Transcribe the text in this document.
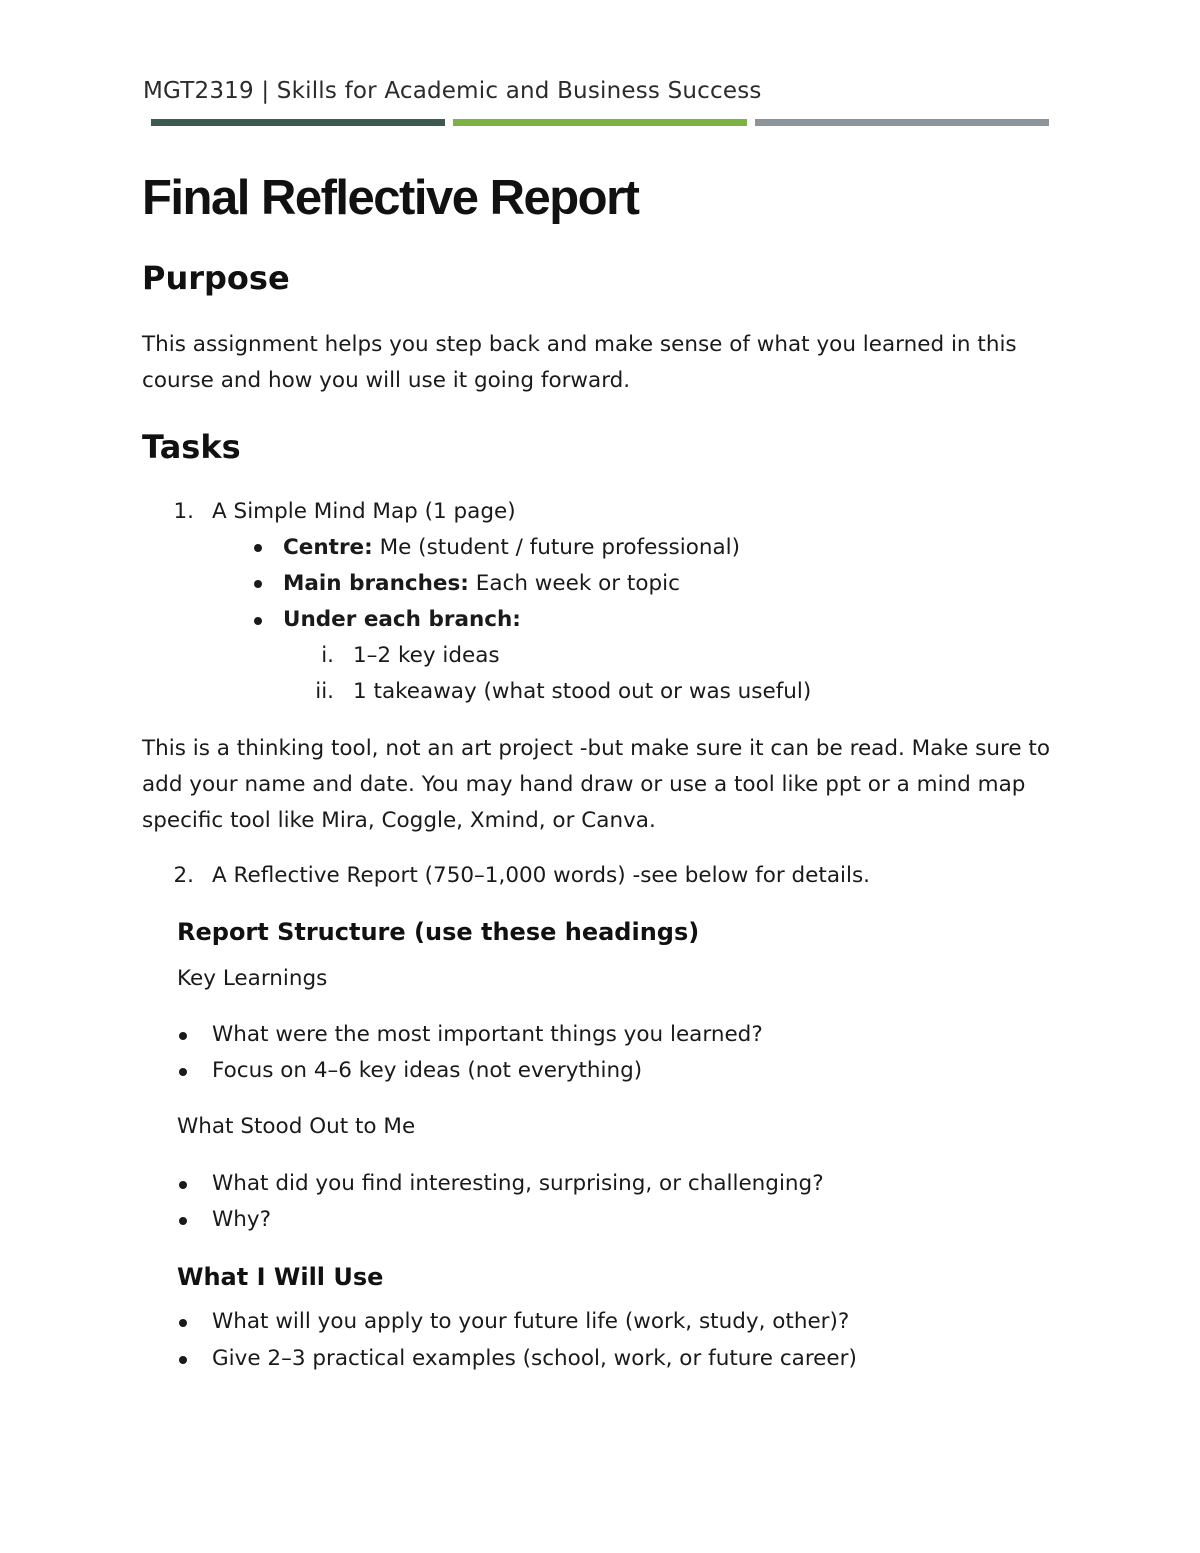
MGT2319 | Skills for Academic and Business Success
Final Reflective Report
Purpose
This assignment helps you step back and make sense of what you learned in this course and how you will use it going forward.
Tasks
1. A Simple Mind Map (1 page)
Centre: Me (student / future professional)
Main branches: Each week or topic
Under each branch:
i. 1–2 key ideas
ii. 1 takeaway (what stood out or was useful)
This is a thinking tool, not an art project -but make sure it can be read. Make sure to add your name and date. You may hand draw or use a tool like ppt or a mind map specific tool like Mira, Coggle, Xmind, or Canva.
2. A Reflective Report (750–1,000 words) -see below for details.
Report Structure (use these headings)
Key Learnings
What were the most important things you learned?
Focus on 4–6 key ideas (not everything)
What Stood Out to Me
What did you find interesting, surprising, or challenging?
Why?
What I Will Use
What will you apply to your future life (work, study, other)?
Give 2–3 practical examples (school, work, or future career)
